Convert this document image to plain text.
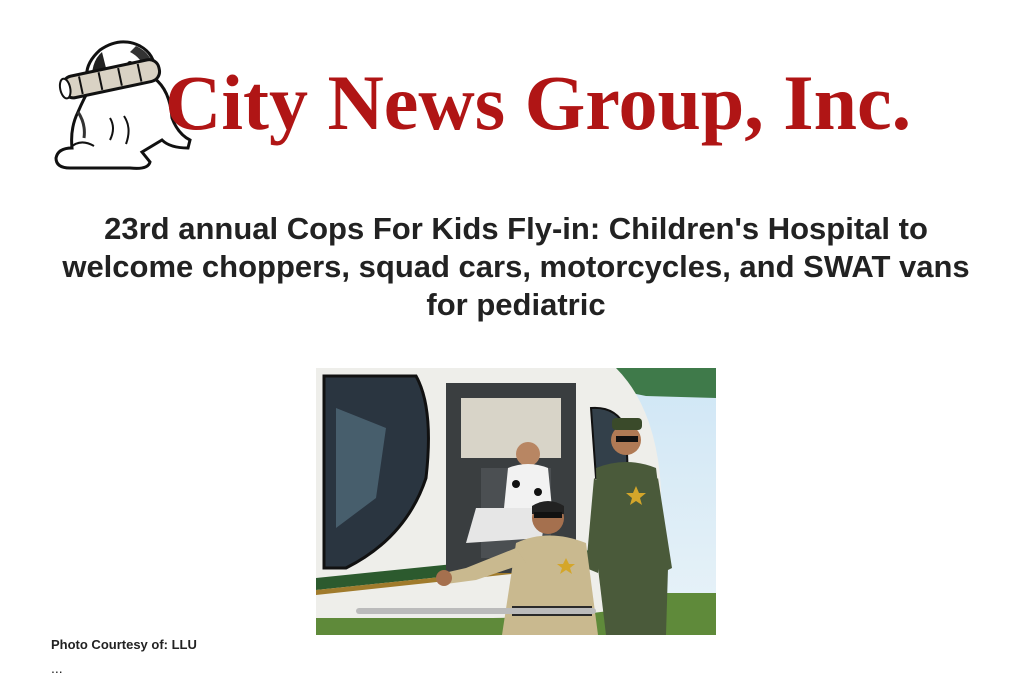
City News Group, Inc.
23rd annual Cops For Kids Fly-in: Children's Hospital to welcome choppers, squad cars, motorcycles, and SWAT vans for pediatric
Photo Courtesy of: LLU
...
